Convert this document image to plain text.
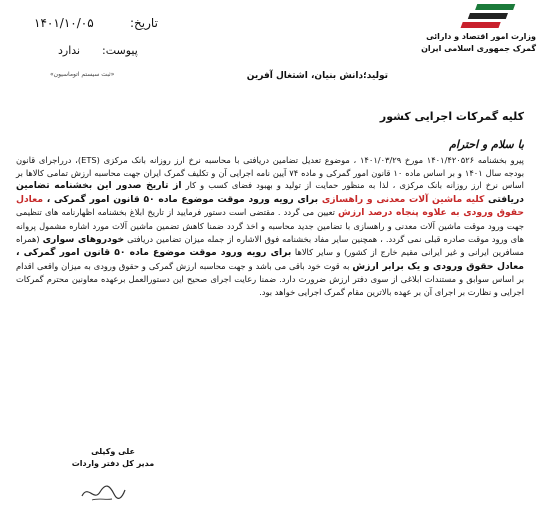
وزارت امور اقتصاد و دارائی
گمرک جمهوری اسلامی ایران
تاریخ:
۱۴۰۱/۱۰/۰۵
پیوست:
ندارد
«ثبت سیستم اتوماسیون»	تولید؛دانش بنیان، اشتغال آفرین
کلیه گمرکات اجرایی کشور
با سلام و احترام
پیرو بخشنامه ۱۴۰۱/۴۲۰۵۲۶ مورخ ۱۴۰۱/۰۳/۲۹ ، موضوع تعدیل تضامین دریافتی با محاسبه نرخ ارز روزانه بانک مرکزی (ETS)، درراجرای قانون بودجه سال ۱۴۰۱ و بر اساس ماده ۱۰ قانون امور گمرکی و ماده ۷۴ آیین نامه اجرایی آن و تکلیف گمرک ایران جهت محاسبه ارزش تمامی کالاها بر اساس نرخ ارز روزانه بانک مرکزی ، لذا به منظور حمایت از تولید و بهبود فضای کسب و کار از تاریخ صدور این بخشنامه تضامین دریافتی کلیه ماشین آلات معدنی و راهسازی برای رویه ورود موقت موضوع ماده ۵۰ قانون امور گمرکی ، معادل حقوق ورودی به علاوه پنجاه درصد ارزش تعیین می گردد . مقتضی است دستور فرمایید از تاریخ ابلاغ بخشنامه اظهارنامه های تنظیمی جهت ورود موقت ماشین آلات معدنی و راهسازی با تضامین جدید محاسبه و اخذ گردد ضمنا کاهش تضمین ماشین آلات مورد اشاره مشمول پروانه های ورود موقت صادره قبلی نمی گردد. ، همچنین سایر مفاد بخشنامه فوق الاشاره از جمله میزان تضامین دریافتی خودروهای سواری (همراه مسافرین ایرانی و غیر ایرانی مقیم خارج از کشور) و سایر کالاها برای رویه ورود موقت موضوع ماده ۵۰ قانون امور گمرکی ، معادل حقوق ورودی و یک برابر ارزش به قوت خود باقی می باشد و جهت محاسبه ارزش گمرکی و حقوق ورودی به میزان واقعی اقدام بر اساس سوابق و مستندات ابلاغی از سوی دفتر ارزش ضرورت دارد. ضمنا رعایت اجرای صحیح این دستورالعمل برعهده معاونین محترم گمرکات اجرایی و نظارت بر اجرای آن بر عهده بالاترین مقام گمرک اجرایی خواهد بود.
علی وکیلی
مدیر کل دفتر واردات
